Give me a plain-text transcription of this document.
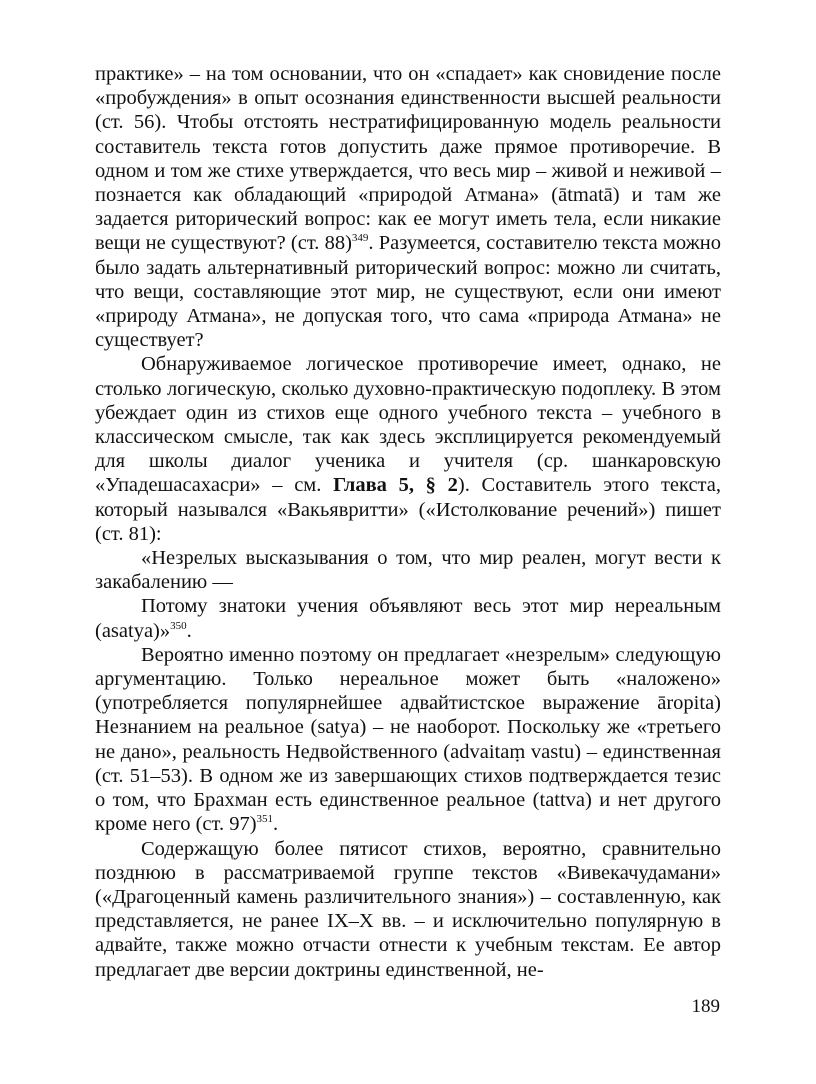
практике» – на том основании, что он «спадает» как сновидение после «пробуждения» в опыт осознания единственности высшей реальности (ст. 56). Чтобы отстоять нестратифицированную модель реальности составитель текста готов допустить даже прямое противоречие. В одном и том же стихе утверждается, что весь мир – живой и неживой – познается как обладающий «природой Атмана» (ātmatā) и там же задается риторический вопрос: как ее могут иметь тела, если никакие вещи не существуют? (ст. 88)$^{349}$. Разумеется, составителю текста можно было задать альтернативный риторический вопрос: можно ли считать, что вещи, составляющие этот мир, не существуют, если они имеют «природу Атмана», не допуская того, что сама «природа Атмана» не существует?

Обнаруживаемое логическое противоречие имеет, однако, не столько логическую, сколько духовно-практическую подоплеку. В этом убеждает один из стихов еще одного учебного текста – учебного в классическом смысле, так как здесь эксплицируется рекомендуемый для школы диалог ученика и учителя (ср. шанкаровскую «Упадешасахасри» – см. Глава 5, § 2). Составитель этого текста, который назывался «Вакьявритти» («Истолкование речений») пишет (ст. 81):

«Незрелых высказывания о том, что мир реален, могут вести к закабалению —

Потому знатоки учения объявляют весь этот мир нереальным (asatya)»$^{350}$.

Вероятно именно поэтому он предлагает «незрелым» следующую аргументацию. Только нереальное может быть «наложено» (употребляется популярнейшее адвайтистское выражение āropita) Незнанием на реальное (satya) – не наоборот. Поскольку же «третьего не дано», реальность Недвойственного (advaitaṃ vastu) – единственная (ст. 51–53). В одном же из завершающих стихов подтверждается тезис о том, что Брахман есть единственное реальное (tattva) и нет другого кроме него (ст. 97)$^{351}$.

Содержащую более пятисот стихов, вероятно, сравнительно позднюю в рассматриваемой группе текстов «Вивекачудамани» («Драгоценный камень различительного знания») – составленную, как представляется, не ранее IX–X вв. – и исключительно популярную в адвайте, также можно отчасти отнести к учебным текстам. Ее автор предлагает две версии доктрины единственной, не-

189
